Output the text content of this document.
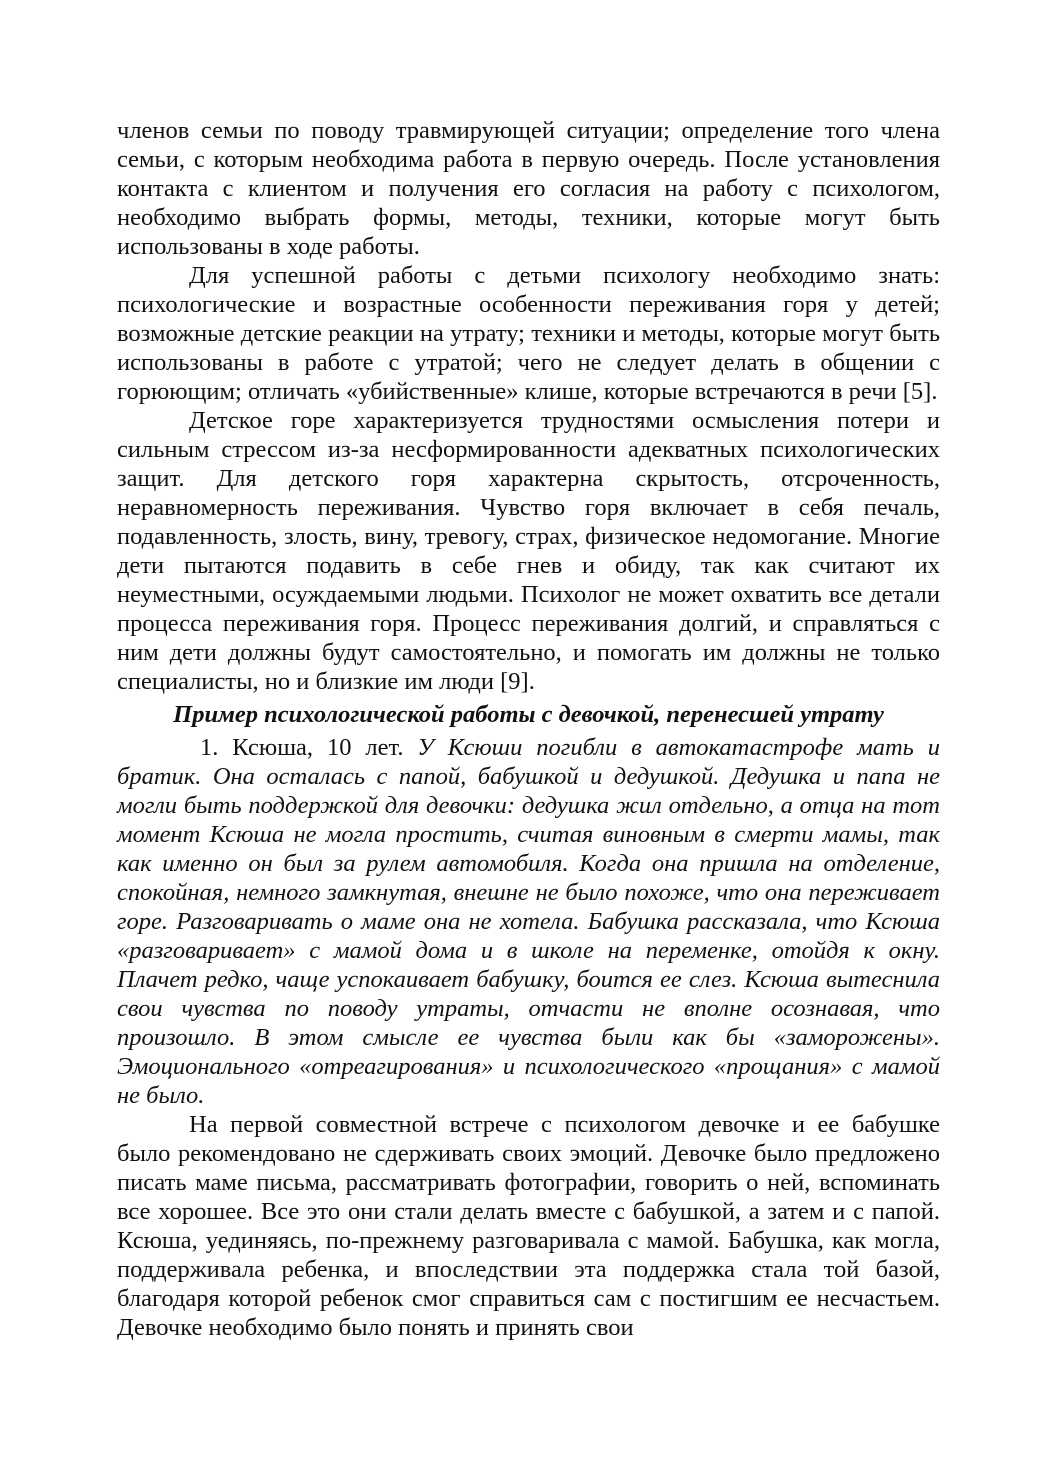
членов семьи по поводу травмирующей ситуации; определение того члена семьи, с которым необходима работа в первую очередь. После установления контакта с клиентом и получения его согласия на работу с психологом, необходимо выбрать формы, методы, техники, которые могут быть использованы в ходе работы.

Для успешной работы с детьми психологу необходимо знать: психологические и возрастные особенности переживания горя у детей; возможные детские реакции на утрату; техники и методы, которые могут быть использованы в работе с утратой; чего не следует делать в общении с горюющим; отличать «убийственные» клише, которые встречаются в речи [5].

Детское горе характеризуется трудностями осмысления потери и сильным стрессом из-за несформированности адекватных психологических защит. Для детского горя характерна скрытость, отсроченность, неравномерность переживания. Чувство горя включает в себя печаль, подавленность, злость, вину, тревогу, страх, физическое недомогание. Многие дети пытаются подавить в себе гнев и обиду, так как считают их неуместными, осуждаемыми людьми. Психолог не может охватить все детали процесса переживания горя. Процесс переживания долгий, и справляться с ним дети должны будут самостоятельно, и помогать им должны не только специалисты, но и близкие им люди [9].

Пример психологической работы с девочкой, перенесшей утрату

1. Ксюша, 10 лет. У Ксюши погибли в автокатастрофе мать и братик. Она осталась с папой, бабушкой и дедушкой. Дедушка и папа не могли быть поддержкой для девочки: дедушка жил отдельно, а отца на тот момент Ксюша не могла простить, считая виновным в смерти мамы, так как именно он был за рулем автомобиля. Когда она пришла на отделение, спокойная, немного замкнутая, внешне не было похоже, что она переживает горе. Разговаривать о маме она не хотела. Бабушка рассказала, что Ксюша «разговаривает» с мамой дома и в школе на переменке, отойдя к окну. Плачет редко, чаще успокаивает бабушку, боится ее слез. Ксюша вытеснила свои чувства по поводу утраты, отчасти не вполне осознавая, что произошло. В этом смысле ее чувства были как бы «заморожены». Эмоционального «отреагирования» и психологического «прощания» с мамой не было.

На первой совместной встрече с психологом девочке и ее бабушке было рекомендовано не сдерживать своих эмоций. Девочке было предложено писать маме письма, рассматривать фотографии, говорить о ней, вспоминать все хорошее. Все это они стали делать вместе с бабушкой, а затем и с папой. Ксюша, уединяясь, по-прежнему разговаривала с мамой. Бабушка, как могла, поддерживала ребенка, и впоследствии эта поддержка стала той базой, благодаря которой ребенок смог справиться сам с постигшим ее несчастьем. Девочке необходимо было понять и принять свои
